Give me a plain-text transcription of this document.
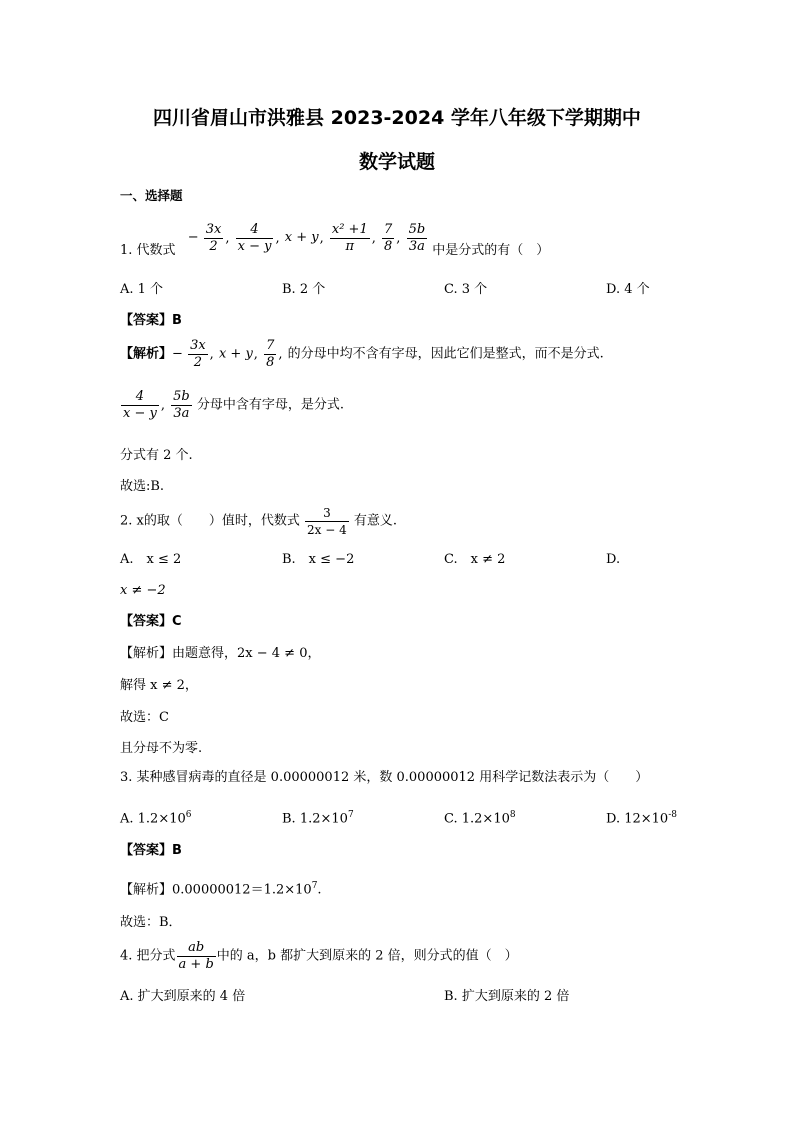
四川省眉山市洪雅县 2023-2024 学年八年级下学期期中
数学试题
一、选择题
1. 代数式 − $\frac{3x}{2}$ , $\frac{4}{x - y}$ , x + y, $\frac{\text{x² +1}}{\pi}$ , $\frac{7}{8}$ , $\frac{5b}{3a}$ 中是分式的有（　）
A. 1 个	B. 2 个	C. 3 个	D. 4 个
【答案】B
【解析】− $\frac{3x}{2}$ , x + y, $\frac{7}{8}$ , 的分母中均不含有字母，因此它们是整式，而不是分式.
$\frac{4}{x - y}$ , $\frac{5b}{3a}$ 分母中含有字母，是分式.
分式有 2 个.
故选:B.
2. x的取（　　）值时，代数式 $\frac{3}{2x - 4}$ 有意义.
A.　x ≤ 2	B.　x ≤ −2	C.　x ≠ 2	D.
x ≠ −2
【答案】C
【解析】由题意得，2x − 4 ≠ 0，
解得 x ≠ 2，
故选：C
且分母不为零.
3. 某种感冒病毒的直径是 0.00000012 米，数 0.00000012 用科学记数法表示为（　　）
A. $1.2\times 10^6$	B. $1.2\times 10^7$	C. $1.2\times 10^8$	D. $12\times 10^{-8}$
【答案】B
【解析】$0.00000012=1.2\times 10^7$.
故选：B．
4. 把分式 $\frac{ab}{a + b}$ 中的 a，b 都扩大到原来的 2 倍，则分式的值（　）
A. 扩大到原来的 4 倍	B. 扩大到原来的 2 倍
